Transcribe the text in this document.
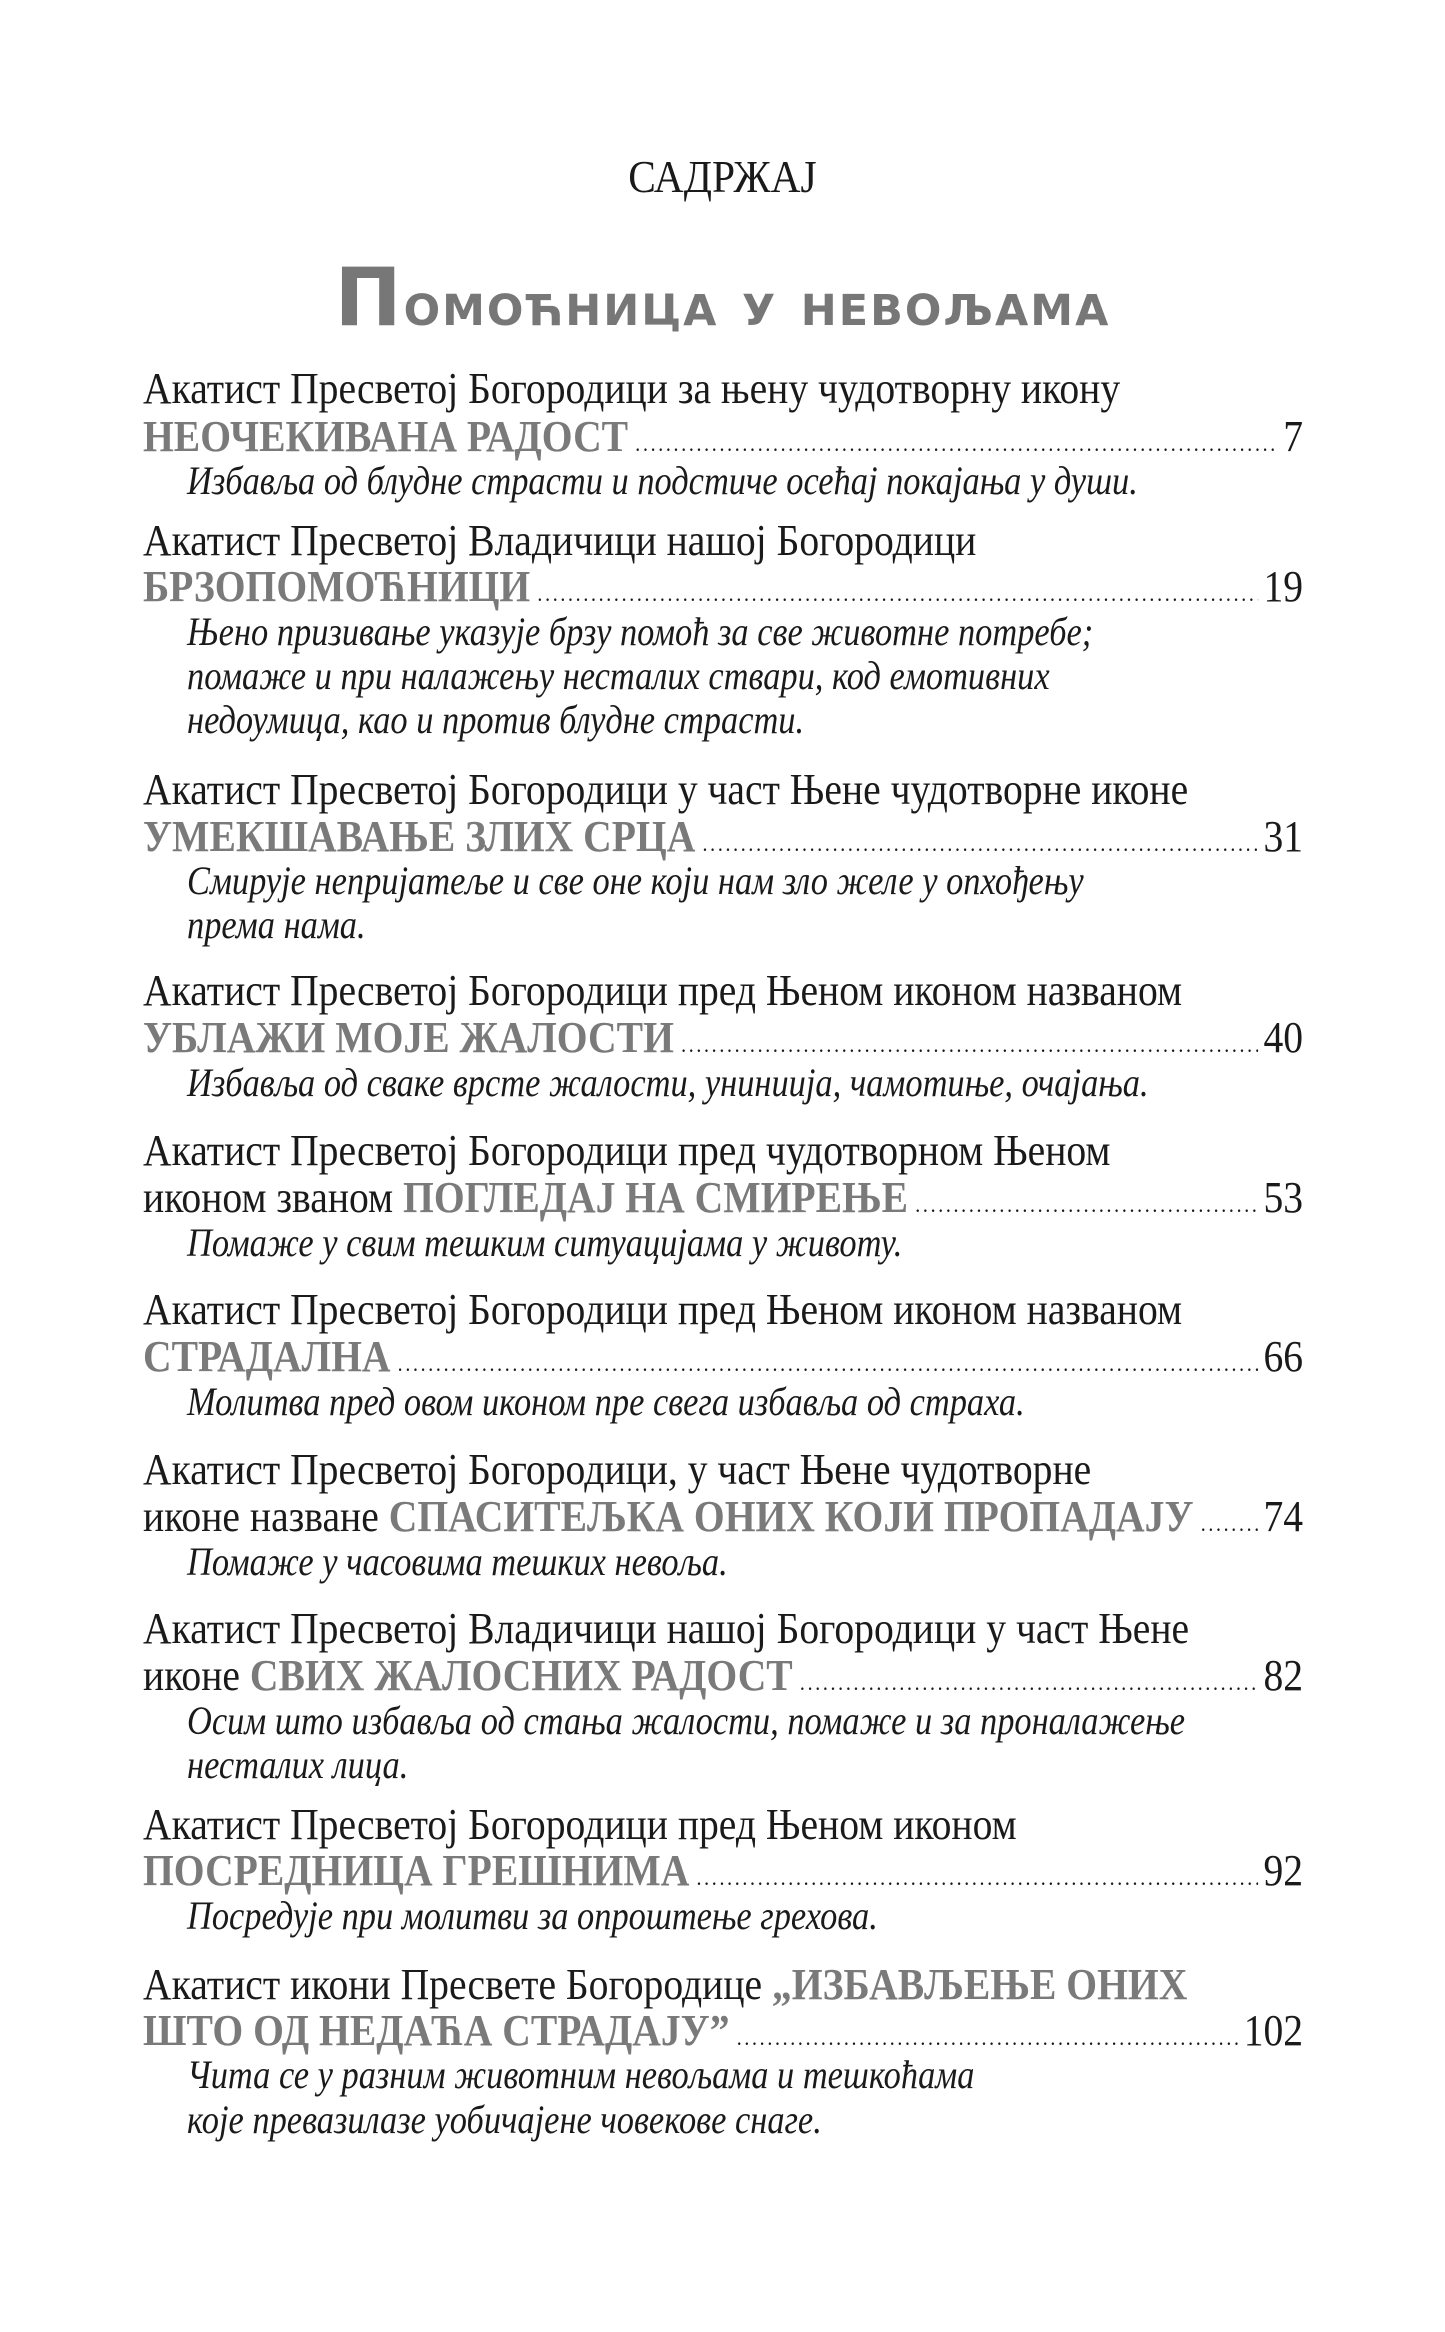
САДРЖАЈ
Помоћница у невољама
Акатист Пресветој Богородици за њену чудотворну икону
НЕОЧЕКИВАНА РАДОСТ .....	7
Избавља од блудне страсти и подстиче осећај покајања у души.
Акатист Пресветој Владичици нашој Богородици
БРЗОПОМОЋНИЦИ .....	19
Њено призивање указује брзу помоћ за све животне потребе;
помаже и при налажењу несталих ствари, код емотивних
недоумица, као и против блудне страсти.
Акатист Пресветој Богородици у част Њене чудотворне иконе
УМЕКШАВАЊЕ ЗЛИХ СРЦА .....	31
Смирује непријатеље и све оне који нам зло желе у опхођењу
према нама.
Акатист Пресветој Богородици пред Њеном иконом названом
УБЛАЖИ МОЈЕ ЖАЛОСТИ .....	40
Избавља од сваке врсте жалости, униниија, чамотиње, очајања.
Акатист Пресветој Богородици пред чудотворном Њеном
иконом званом ПОГЛЕДАЈ НА СМИРЕЊЕ .....	53
Помаже у свим тешким ситуацијама у животу.
Акатист Пресветој Богородици пред Њеном иконом названом
СТРАДАЛНА .....	66
Молитва пред овом иконом пре свега избавља од страха.
Акатист Пресветој Богородици, у част Њене чудотворне
иконе назване СПАСИТЕЉКА ОНИХ КОЈИ ПРОПАДАЈУ ..... 74
Помаже у часовима тешких невоља.
Акатист Пресветој Владичици нашој Богородици у част Њене
иконе СВИХ ЖАЛОСНИХ РАДОСТ .....	82
Осим што избавља од стања жалости, помаже и за проналажење
несталих лица.
Акатист Пресветој Богородици пред Њеном иконом
ПОСРЕДНИЦА ГРЕШНИМА .....	92
Посредује при молитви за опроштење грехова.
Акатист икони Пресвете Богородице „ИЗБАВЉЕЊЕ ОНИХ
ШТО ОД НЕДАЋА СТРАДАЈУ” .....	102
Чита се у разним животним невољама и тешкоћама
које превазилазе уобичајене човекове снаге.
